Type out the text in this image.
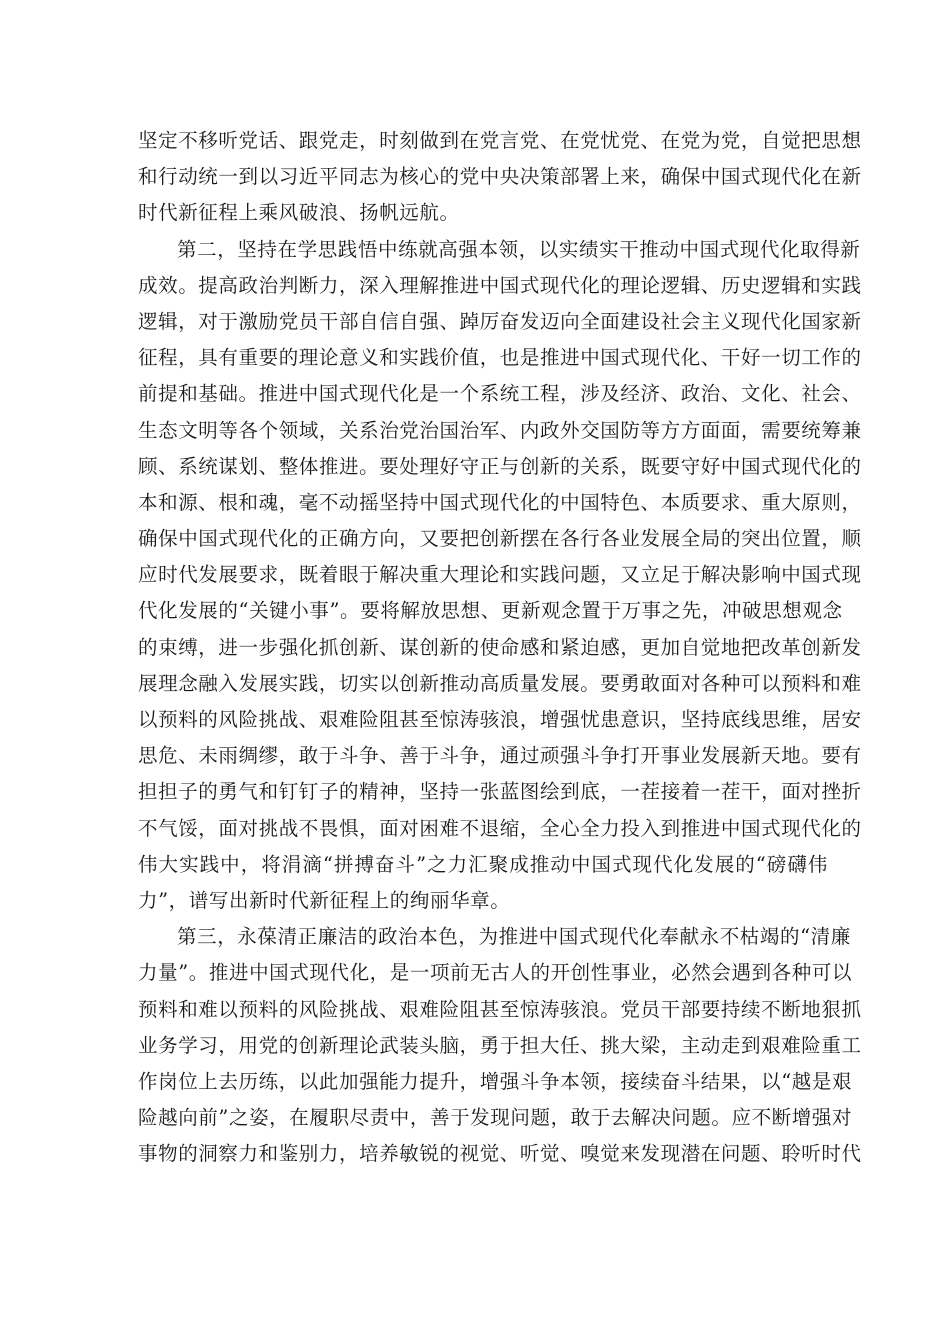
坚定不移听党话、跟党走，时刻做到在党言党、在党忧党、在党为党，自觉把思想
和行动统一到以习近平同志为核心的党中央决策部署上来，确保中国式现代化在新
时代新征程上乘风破浪、扬帆远航。
第二，坚持在学思践悟中练就高强本领，以实绩实干推动中国式现代化取得新
成效。提高政治判断力，深入理解推进中国式现代化的理论逻辑、历史逻辑和实践
逻辑，对于激励党员干部自信自强、踔厉奋发迈向全面建设社会主义现代化国家新
征程，具有重要的理论意义和实践价值，也是推进中国式现代化、干好一切工作的
前提和基础。推进中国式现代化是一个系统工程，涉及经济、政治、文化、社会、
生态文明等各个领域，关系治党治国治军、内政外交国防等方方面面，需要统筹兼
顾、系统谋划、整体推进。要处理好守正与创新的关系，既要守好中国式现代化的
本和源、根和魂，毫不动摇坚持中国式现代化的中国特色、本质要求、重大原则，
确保中国式现代化的正确方向，又要把创新摆在各行各业发展全局的突出位置，顺
应时代发展要求，既着眼于解决重大理论和实践问题，又立足于解决影响中国式现
代化发展的“关键小事”。要将解放思想、更新观念置于万事之先，冲破思想观念
的束缚，进一步强化抓创新、谋创新的使命感和紧迫感，更加自觉地把改革创新发
展理念融入发展实践，切实以创新推动高质量发展。要勇敢面对各种可以预料和难
以预料的风险挑战、艰难险阻甚至惊涛骇浪，增强忧患意识，坚持底线思维，居安
思危、未雨绸缪，敢于斗争、善于斗争，通过顽强斗争打开事业发展新天地。要有
担担子的勇气和钉钉子的精神，坚持一张蓝图绘到底，一茬接着一茬干，面对挫折
不气馁，面对挑战不畏惧，面对困难不退缩，全心全力投入到推进中国式现代化的
伟大实践中，将涓滴“拼搏奋斗”之力汇聚成推动中国式现代化发展的“磅礴伟
力”，谱写出新时代新征程上的绚丽华章。
第三，永葆清正廉洁的政治本色，为推进中国式现代化奉献永不枯竭的“清廉
力量”。推进中国式现代化，是一项前无古人的开创性事业，必然会遇到各种可以
预料和难以预料的风险挑战、艰难险阻甚至惊涛骇浪。党员干部要持续不断地狠抓
业务学习，用党的创新理论武装头脑，勇于担大任、挑大梁，主动走到艰难险重工
作岗位上去历练，以此加强能力提升，增强斗争本领，接续奋斗结果，以“越是艰
险越向前”之姿，在履职尽责中，善于发现问题，敢于去解决问题。应不断增强对
事物的洞察力和鉴别力，培养敏锐的视觉、听觉、嗅觉来发现潜在问题、聆听时代
